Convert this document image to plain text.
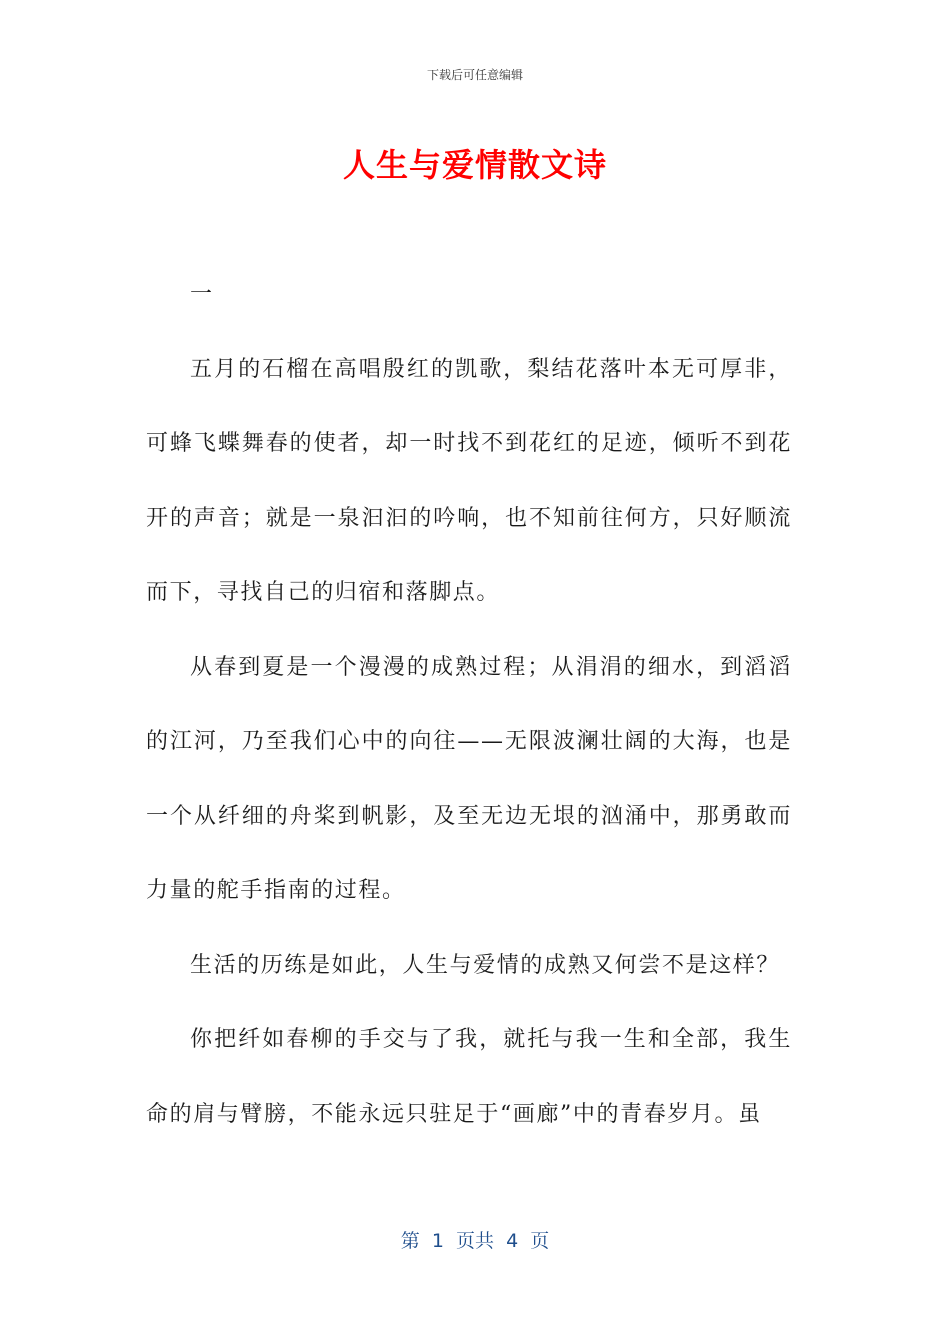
下载后可任意编辑
人生与爱情散文诗

一

五月的石榴在高唱殷红的凯歌，梨结花落叶本无可厚非，可蜂飞蝶舞春的使者，却一时找不到花红的足迹，倾听不到花开的声音；就是一泉汩汩的吟响，也不知前往何方，只好顺流而下，寻找自己的归宿和落脚点。

从春到夏是一个漫漫的成熟过程；从涓涓的细水，到滔滔的江河，乃至我们心中的向往——无限波澜壮阔的大海，也是一个从纤细的舟桨到帆影，及至无边无垠的汹涌中，那勇敢而力量的舵手指南的过程。

生活的历练是如此，人生与爱情的成熟又何尝不是这样？

你把纤如春柳的手交与了我，就托与我一生和全部，我生命的肩与臂膀，不能永远只驻足于“画廊”中的青春岁月。虽

第  1  页共  4  页
